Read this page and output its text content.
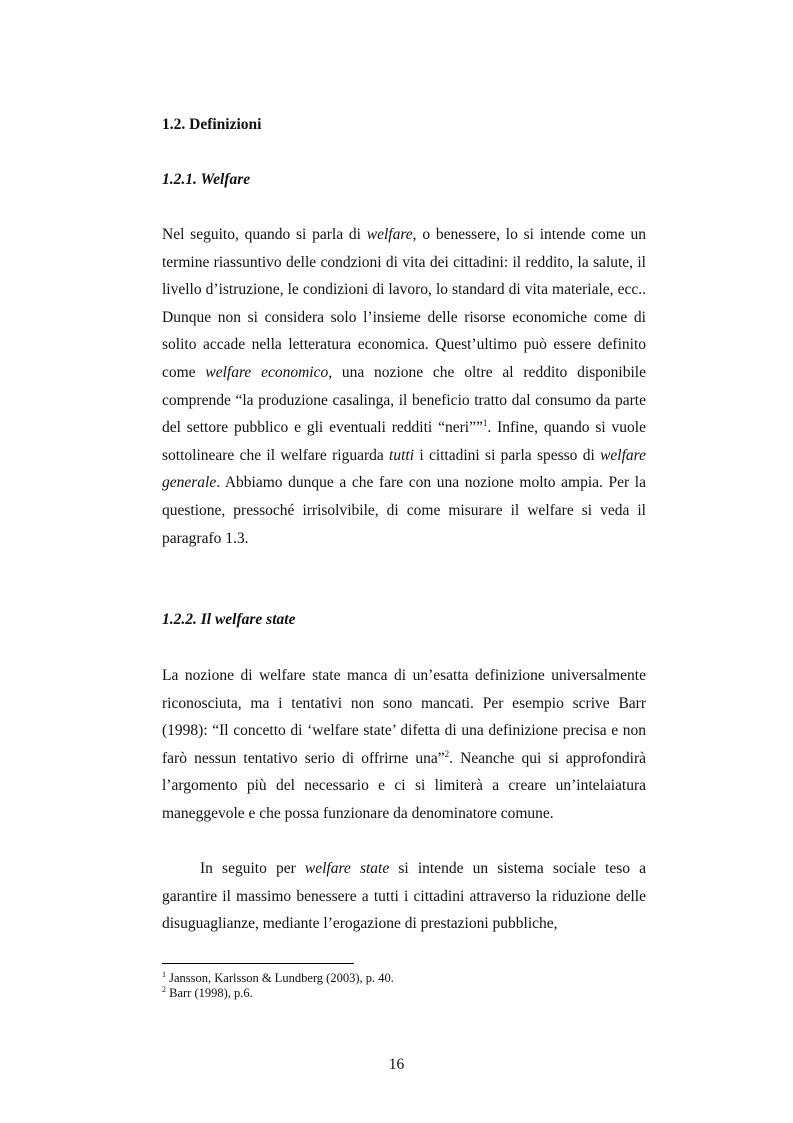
1.2. Definizioni
1.2.1. Welfare

Nel seguito, quando si parla di welfare, o benessere, lo si intende come un termine riassuntivo delle condzioni di vita dei cittadini: il reddito, la salute, il livello d’istruzione, le condizioni di lavoro, lo standard di vita materiale, ecc.. Dunque non si considera solo l’insieme delle risorse economiche come di solito accade nella letteratura economica. Quest’ultimo può essere definito come welfare economico, una nozione che oltre al reddito disponibile comprende “la produzione casalinga, il beneficio tratto dal consumo da parte del settore pubblico e gli eventuali redditi “neri””$^1$. Infine, quando si vuole sottolineare che il welfare riguarda tutti i cittadini si parla spesso di welfare generale. Abbiamo dunque a che fare con una nozione molto ampia. Per la questione, pressoché irrisolvibile, di come misurare il welfare si veda il paragrafo 1.3.

1.2.2. Il welfare state

La nozione di welfare state manca di un’esatta definizione universalmente riconosciuta, ma i tentativi non sono mancati. Per esempio scrive Barr (1998): “Il concetto di ‘welfare state’ difetta di una definizione precisa e non farò nessun tentativo serio di offrirne una”$^2$. Neanche qui si approfondirà l’argomento più del necessario e ci si limiterà a creare un’intelaiatura maneggevole e che possa funzionare da denominatore comune.

In seguito per welfare state si intende un sistema sociale teso a garantire il massimo benessere a tutti i cittadini attraverso la riduzione delle disuguaglianze, mediante l’erogazione di prestazioni pubbliche,

$^1$ Jansson, Karlsson & Lundberg (2003), p. 40.

$^2$ Barr (1998), p.6.

16
